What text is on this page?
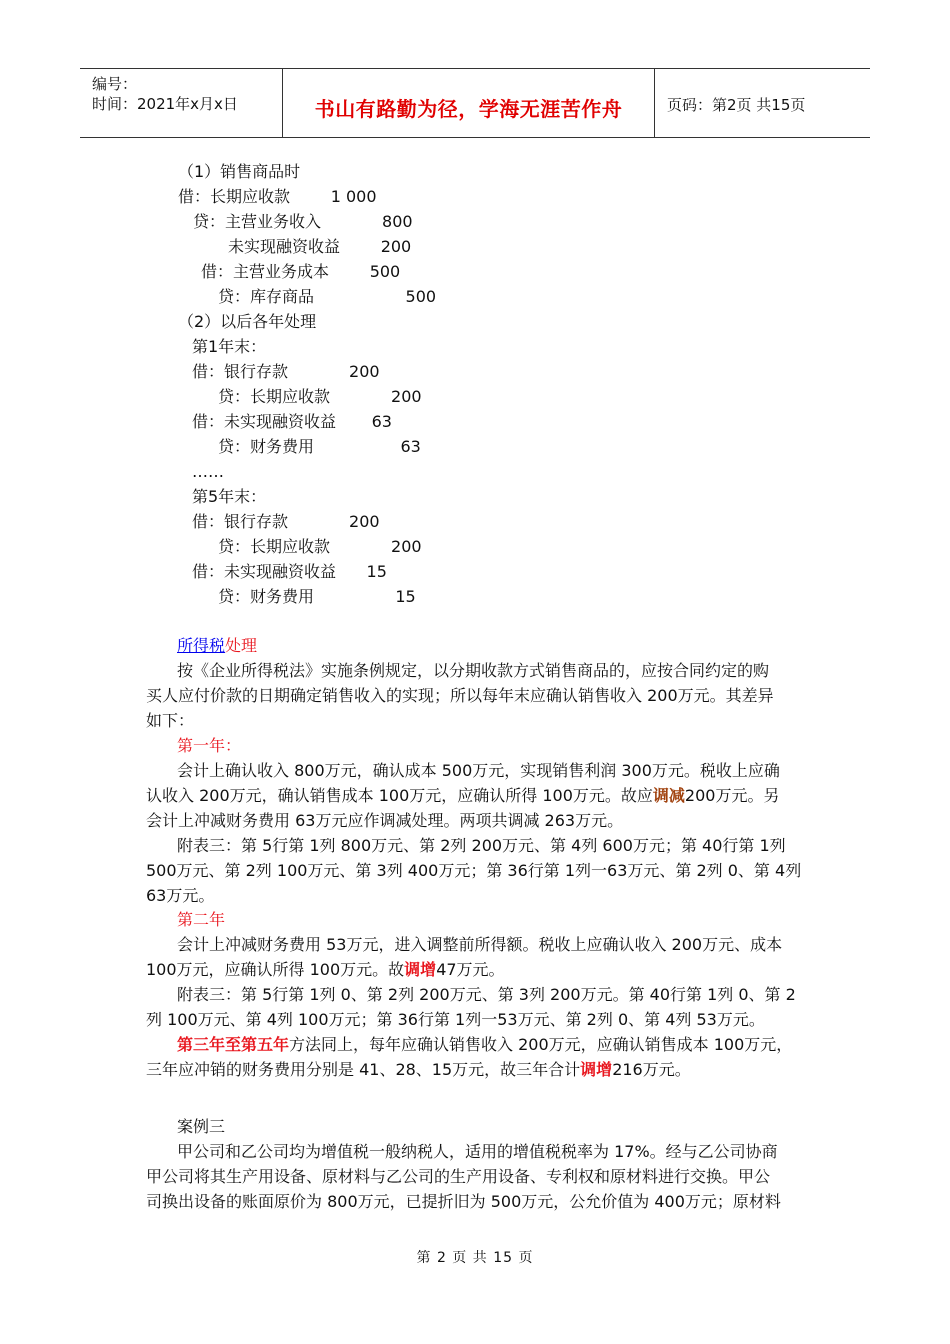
编号：
时间：2021年x月x日	书山有路勤为径，学海无涯苦作舟	页码：第2页 共15页
（1）销售商品时
借：长期应收款        1 000
贷：主营业务收入            800
未实现融资收益        200
借：主营业务成本        500
贷：库存商品                  500
（2）以后各年处理
第1年末：
借：银行存款            200
贷：长期应收款            200
借：未实现融资收益       63
贷：财务费用                 63
……
第5年末：
借：银行存款            200
贷：长期应收款            200
借：未实现融资收益      15
贷：财务费用                15
所得税处理
按《企业所得税法》实施条例规定，以分期收款方式销售商品的，应按合同约定的购
买人应付价款的日期确定销售收入的实现；所以每年末应确认销售收入 200万元。其差异
如下：
第一年：
会计上确认收入 800万元，确认成本 500万元，实现销售利润 300万元。税收上应确
认收入 200万元，确认销售成本 100万元，应确认所得 100万元。故应调减200万元。另
会计上冲减财务费用 63万元应作调减处理。两项共调减 263万元。
附表三：第 5行第 1列 800万元、第 2列 200万元、第 4列 600万元；第 40行第 1列
500万元、第 2列 100万元、第 3列 400万元；第 36行第 1列一63万元、第 2列 0、第 4列
63万元。
第二年
会计上冲减财务费用 53万元，进入调整前所得额。税收上应确认收入 200万元、成本
100万元，应确认所得 100万元。故调增47万元。
附表三：第 5行第 1列 0、第 2列 200万元、第 3列 200万元。第 40行第 1列 0、第 2
列 100万元、第 4列 100万元；第 36行第 1列一53万元、第 2列 0、第 4列 53万元。
第三年至第五年方法同上，每年应确认销售收入 200万元，应确认销售成本 100万元，
三年应冲销的财务费用分别是 41、28、15万元，故三年合计调增216万元。
案例三
甲公司和乙公司均为增值税一般纳税人，适用的增值税税率为 17%。经与乙公司协商
甲公司将其生产用设备、原材料与乙公司的生产用设备、专利权和原材料进行交换。甲公
司换出设备的账面原价为 800万元，已提折旧为 500万元，公允价值为 400万元；原材料
第 2 页 共 15 页
